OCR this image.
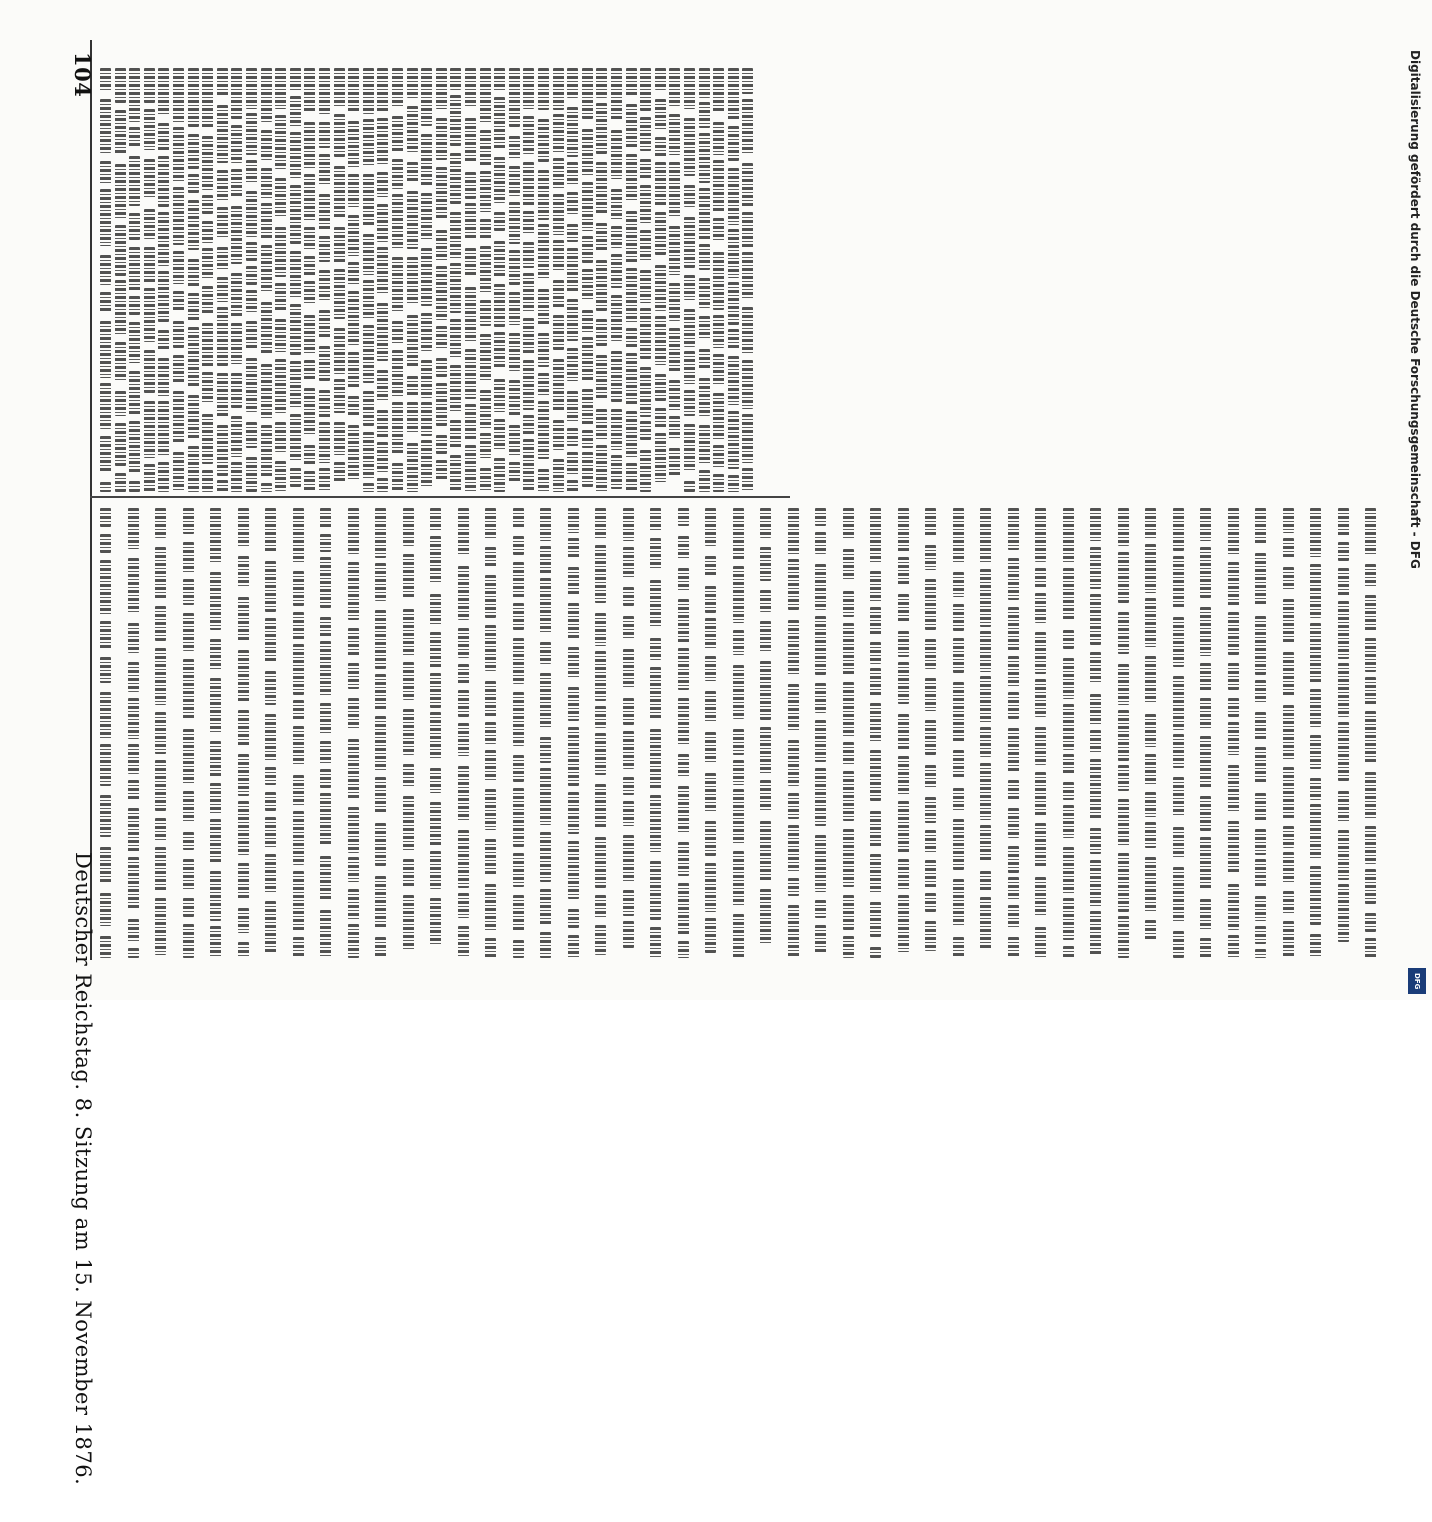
104
Deutscher Reichstag. 8. Sitzung am 15. November 1876.
Digitalisierung gefördert durch die Deutsche Forschungsgemeinschaft - DFG
DFG
